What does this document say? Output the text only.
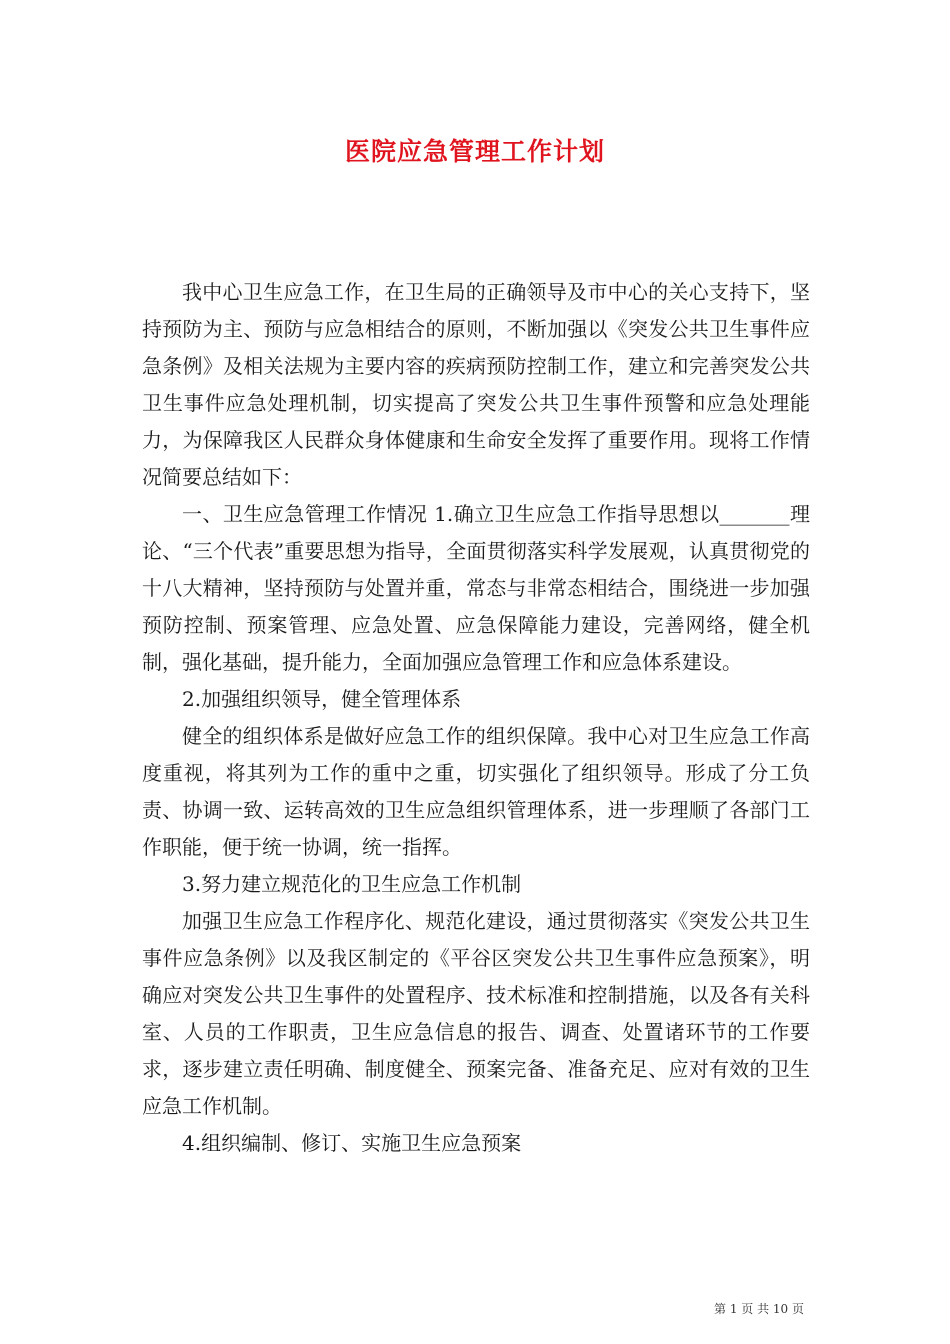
医院应急管理工作计划

我中心卫生应急工作，在卫生局的正确领导及市中心的关心支持下，坚持预防为主、预防与应急相结合的原则，不断加强以《突发公共卫生事件应急条例》及相关法规为主要内容的疾病预防控制工作，建立和完善突发公共卫生事件应急处理机制，切实提高了突发公共卫生事件预警和应急处理能力，为保障我区人民群众身体健康和生命安全发挥了重要作用。现将工作情况简要总结如下：

一、卫生应急管理工作情况 1.确立卫生应急工作指导思想以_______理论、“三个代表”重要思想为指导，全面贯彻落实科学发展观，认真贯彻党的十八大精神，坚持预防与处置并重，常态与非常态相结合，围绕进一步加强预防控制、预案管理、应急处置、应急保障能力建设，完善网络，健全机制，强化基础，提升能力，全面加强应急管理工作和应急体系建设。

2.加强组织领导，健全管理体系

健全的组织体系是做好应急工作的组织保障。我中心对卫生应急工作高度重视，将其列为工作的重中之重，切实强化了组织领导。形成了分工负责、协调一致、运转高效的卫生应急组织管理体系，进一步理顺了各部门工作职能，便于统一协调，统一指挥。

3.努力建立规范化的卫生应急工作机制

加强卫生应急工作程序化、规范化建设，通过贯彻落实《突发公共卫生事件应急条例》以及我区制定的《平谷区突发公共卫生事件应急预案》，明确应对突发公共卫生事件的处置程序、技术标准和控制措施，以及各有关科室、人员的工作职责，卫生应急信息的报告、调查、处置诸环节的工作要求，逐步建立责任明确、制度健全、预案完备、准备充足、应对有效的卫生应急工作机制。

4.组织编制、修订、实施卫生应急预案

第 1 页 共 10 页
